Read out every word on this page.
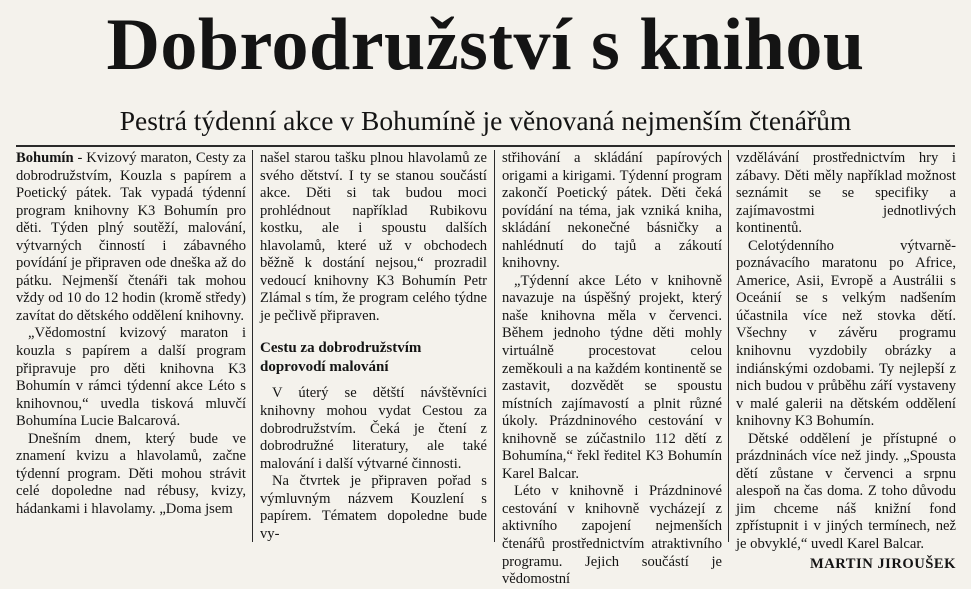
Dobrodružství s knihou
Pestrá týdenní akce v Bohumíně je věnovaná nejmenším čtenářům

Bohumín - Kvizový maraton, Cesty za dobrodružstvím, Kouzla s papírem a Poetický pátek. Tak vypadá týdenní program knihovny K3 Bohumín pro děti. Týden plný soutěží, malování, výtvarných činností i zábavného povídání je připraven ode dneška až do pátku. Nejmenší čtenáři tak mohou vždy od 10 do 12 hodin (kromě středy) zavítat do dětského oddělení knihovny.

„Vědomostní kvizový maraton i kouzla s papírem a další program připravuje pro děti knihovna K3 Bohumín v rámci týdenní akce Léto s knihovnou,“ uvedla tisková mluvčí Bohumína Lucie Balcarová.

Dnešním dnem, který bude ve znamení kvizu a hlavolamů, začne týdenní program. Děti mohou strávit celé dopoledne nad rébusy, kvizy, hádankami i hlavolamy. „Doma jsem

našel starou tašku plnou hlavolamů ze svého dětství. I ty se stanou součástí akce. Děti si tak budou moci prohlédnout například Rubikovu kostku, ale i spoustu dalších hlavolamů, které už v obchodech běžně k dostání nejsou,“ prozradil vedoucí knihovny K3 Bohumín Petr Zlámal s tím, že program celého týdne je pečlivě připraven.

Cestu za dobrodružstvím doprovodí malování

V úterý se dětští návštěvníci knihovny mohou vydat Cestou za dobrodružstvím. Čeká je čtení z dobrodružné literatury, ale také malování i další výtvarné činnosti.

Na čtvrtek je připraven pořad s výmluvným názvem Kouzlení s papírem. Tématem dopoledne bude vy-

střihování a skládání papírových origami a kirigami. Týdenní program zakončí Poetický pátek. Děti čeká povídání na téma, jak vzniká kniha, skládání nekonečné básničky a nahlédnutí do tajů a zákoutí knihovny.

„Týdenní akce Léto v knihovně navazuje na úspěšný projekt, který naše knihovna měla v červenci. Během jednoho týdne děti mohly virtuálně procestovat celou zeměkouli a na každém kontinentě se zastavit, dozvědět se spoustu místních zajímavostí a plnit různé úkoly. Prázdninového cestování v knihovně se zúčastnilo 112 dětí z Bohumína,“ řekl ředitel K3 Bohumín Karel Balcar.

Léto v knihovně i Prázdninové cestování v knihovně vycházejí z aktivního zapojení nejmenších čtenářů prostřednictvím atraktivního programu. Jejich součástí je vědomostní

vzdělávání prostřednictvím hry i zábavy. Děti měly například možnost seznámit se se specifiky a zajímavostmi jednotlivých kontinentů.

Celotýdenního výtvarně-poznávacího maratonu po Africe, Americe, Asii, Evropě a Austrálii s Oceánií se s velkým nadšením účastnila více než stovka dětí. Všechny v závěru programu knihovnu vyzdobily obrázky a indiánskými ozdobami. Ty nejlepší z nich budou v průběhu září vystaveny v malé galerii na dětském oddělení knihovny K3 Bohumín.

Dětské oddělení je přístupné o prázdninách více než jindy. „Spousta dětí zůstane v červenci a srpnu alespoň na čas doma. Z toho důvodu jim chceme náš knižní fond zpřístupnit i v jiných termínech, než je obvyklé,“ uvedl Karel Balcar.

MARTIN JIROUŠEK
